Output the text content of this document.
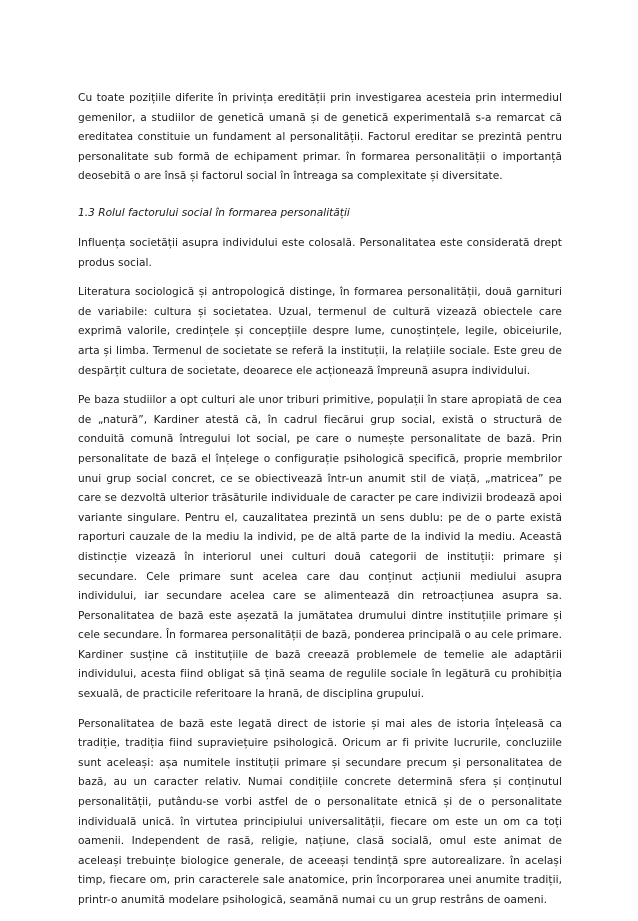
Cu toate pozițiile diferite în privința eredității prin investigarea acesteia prin intermediul gemenilor, a studiilor de genetică umană și de genetică experimentală s-a remarcat că ereditatea constituie un fundament al personalității. Factorul ereditar se prezintă pentru personalitate sub formă de echipament primar. în formarea personalității o importanță deosebită o are însă și factorul social în întreaga sa complexitate și diversitate.

1.3 Rolul factorului social în formarea personalității

Influența societății asupra individului este colosală. Personalitatea este considerată drept produs social.

Literatura sociologică și antropologică distinge, în formarea personalității, două garnituri de variabile: cultura și societatea. Uzual, termenul de cultură vizează obiectele care exprimă valorile, credințele și concepțiile despre lume, cunoștințele, legile, obiceiurile, arta și limba. Termenul de societate se referă la instituții, la relațiile sociale. Este greu de despărțit cultura de societate, deoarece ele acționează împreună asupra individului.

Pe baza studiilor a opt culturi ale unor triburi primitive, populații în stare apropiată de cea de „natură”, Kardiner atestă că, în cadrul fiecărui grup social, există o structură de conduită comună întregului lot social, pe care o numește personalitate de bază. Prin personalitate de bază el înțelege o configurație psihologică specifică, proprie membrilor unui grup social concret, ce se obiectivează într-un anumit stil de viață, „matricea” pe care se dezvoltă ulterior trăsăturile individuale de caracter pe care indivizii brodează apoi variante singulare. Pentru el, cauzalitatea prezintă un sens dublu: pe de o parte există raporturi cauzale de la mediu la individ, pe de altă parte de la individ la mediu. Această distincție vizează în interiorul unei culturi două categorii de instituții: primare și secundare. Cele primare sunt acelea care dau conținut acțiunii mediului asupra individului, iar secundare acelea care se alimentează din retroacțiunea asupra sa. Personalitatea de bază este așezată la jumătatea drumului dintre instituțiile primare și cele secundare. În formarea personalității de bază, ponderea principală o au cele primare. Kardiner susține că instituțiile de bază creează problemele de temelie ale adaptării individului, acesta fiind obligat să țină seama de regulile sociale în legătură cu prohibiția sexuală, de practicile referitoare la hrană, de disciplina grupului.

Personalitatea de bază este legată direct de istorie și mai ales de istoria înțeleasă ca tradiție, tradiția fiind supraviețuire psihologică. Oricum ar fi privite lucrurile, concluziile sunt aceleași: așa numitele instituții primare și secundare precum și personalitatea de bază, au un caracter relativ. Numai condițiile concrete determină sfera și conținutul personalității, putându-se vorbi astfel de o personalitate etnică și de o personalitate individuală unică. în virtutea principiului universalității, fiecare om este un om ca toți oamenii. Independent de rasă, religie, națiune, clasă socială, omul este animat de aceleași trebuințe biologice generale, de aceeași tendință spre autorealizare. în același timp, fiecare om, prin caracterele sale anatomice, prin încorporarea unei anumite tradiții, printr-o anumită modelare psihologică, seamănă numai cu un grup restrâns de oameni.
